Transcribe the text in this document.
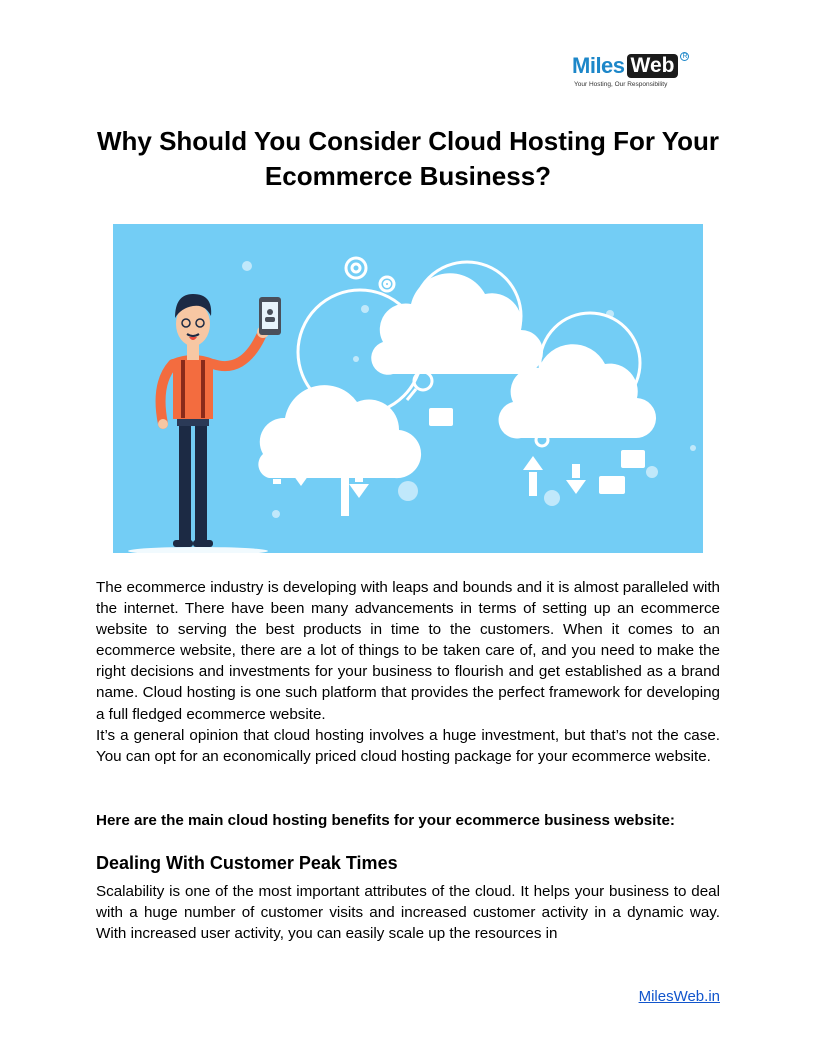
Miles Web	R
Your Hosting, Our Responsibility
Why Should You Consider Cloud Hosting For Your Ecommerce Business?
The ecommerce industry is developing with leaps and bounds and it is almost paralleled with the internet. There have been many advancements in terms of setting up an ecommerce website to serving the best products in time to the customers. When it comes to an ecommerce website, there are a lot of things to be taken care of, and you need to make the right decisions and investments for your business to flourish and get established as a brand name. Cloud hosting is one such platform that provides the perfect framework for developing a full fledged ecommerce website.
It’s a general opinion that cloud hosting involves a huge investment, but that’s not the case. You can opt for an economically priced cloud hosting package for your ecommerce website.

Here are the main cloud hosting benefits for your ecommerce business website:

Dealing With Customer Peak Times

Scalability is one of the most important attributes of the cloud. It helps your business to deal with a huge number of customer visits and increased customer activity in a dynamic way. With increased user activity, you can easily scale up the resources in

MilesWeb.in
